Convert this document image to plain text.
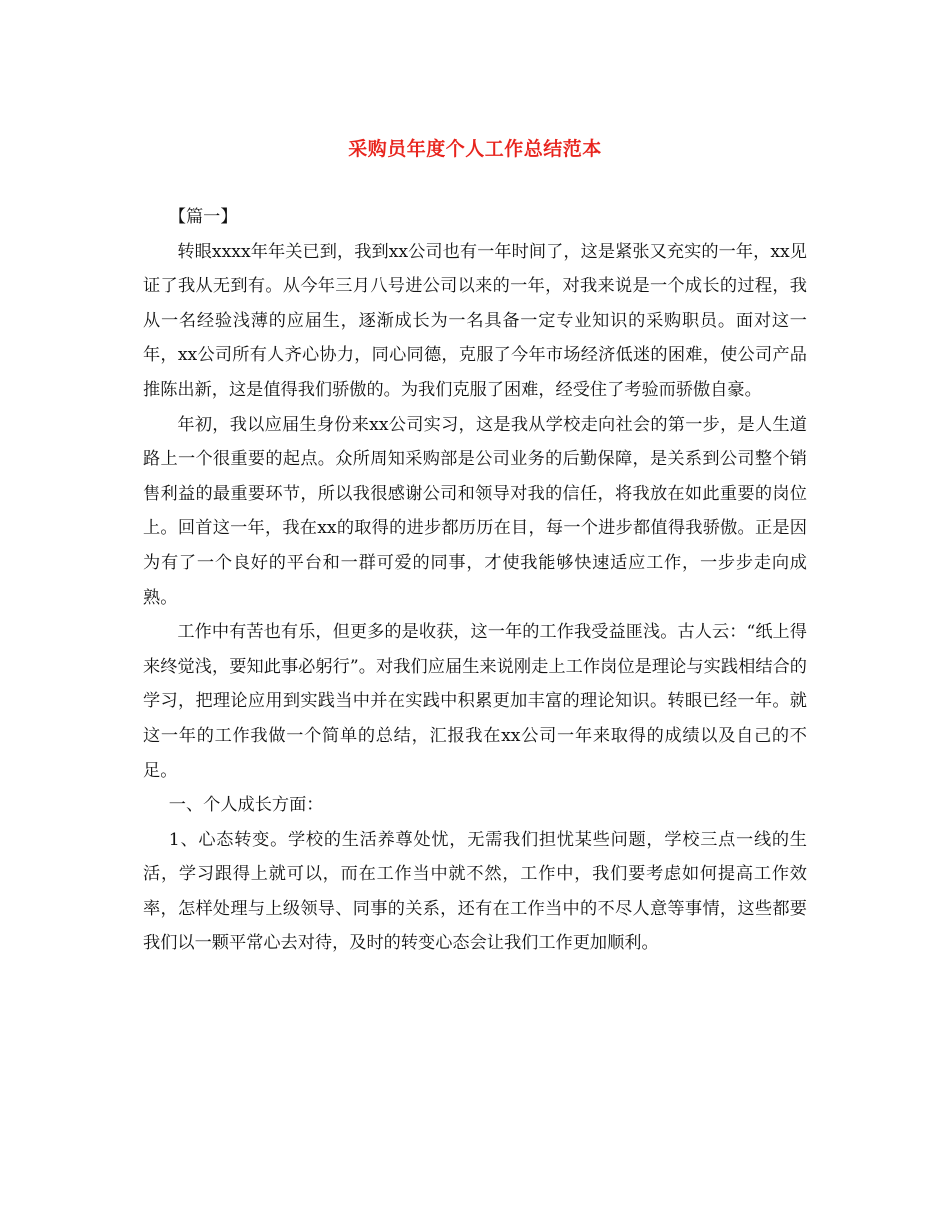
采购员年度个人工作总结范本

【篇一】

转眼xxxx年年关已到，我到xx公司也有一年时间了，这是紧张又充实的一年，xx见证了我从无到有。从今年三月八号进公司以来的一年，对我来说是一个成长的过程，我从一名经验浅薄的应届生，逐渐成长为一名具备一定专业知识的采购职员。面对这一年，xx公司所有人齐心协力，同心同德，克服了今年市场经济低迷的困难，使公司产品推陈出新，这是值得我们骄傲的。为我们克服了困难，经受住了考验而骄傲自豪。

年初，我以应届生身份来xx公司实习，这是我从学校走向社会的第一步，是人生道路上一个很重要的起点。众所周知采购部是公司业务的后勤保障，是关系到公司整个销售利益的最重要环节，所以我很感谢公司和领导对我的信任，将我放在如此重要的岗位上。回首这一年，我在xx的取得的进步都历历在目，每一个进步都值得我骄傲。正是因为有了一个良好的平台和一群可爱的同事，才使我能够快速适应工作，一步步走向成熟。

工作中有苦也有乐，但更多的是收获，这一年的工作我受益匪浅。古人云：“纸上得来终觉浅，要知此事必躬行”。对我们应届生来说刚走上工作岗位是理论与实践相结合的学习，把理论应用到实践当中并在实践中积累更加丰富的理论知识。转眼已经一年。就这一年的工作我做一个简单的总结，汇报我在xx公司一年来取得的成绩以及自己的不足。

一、个人成长方面：

1、心态转变。学校的生活养尊处忧，无需我们担忧某些问题，学校三点一线的生活，学习跟得上就可以，而在工作当中就不然，工作中，我们要考虑如何提高工作效率，怎样处理与上级领导、同事的关系，还有在工作当中的不尽人意等事情，这些都要我们以一颗平常心去对待，及时的转变心态会让我们工作更加顺利。
